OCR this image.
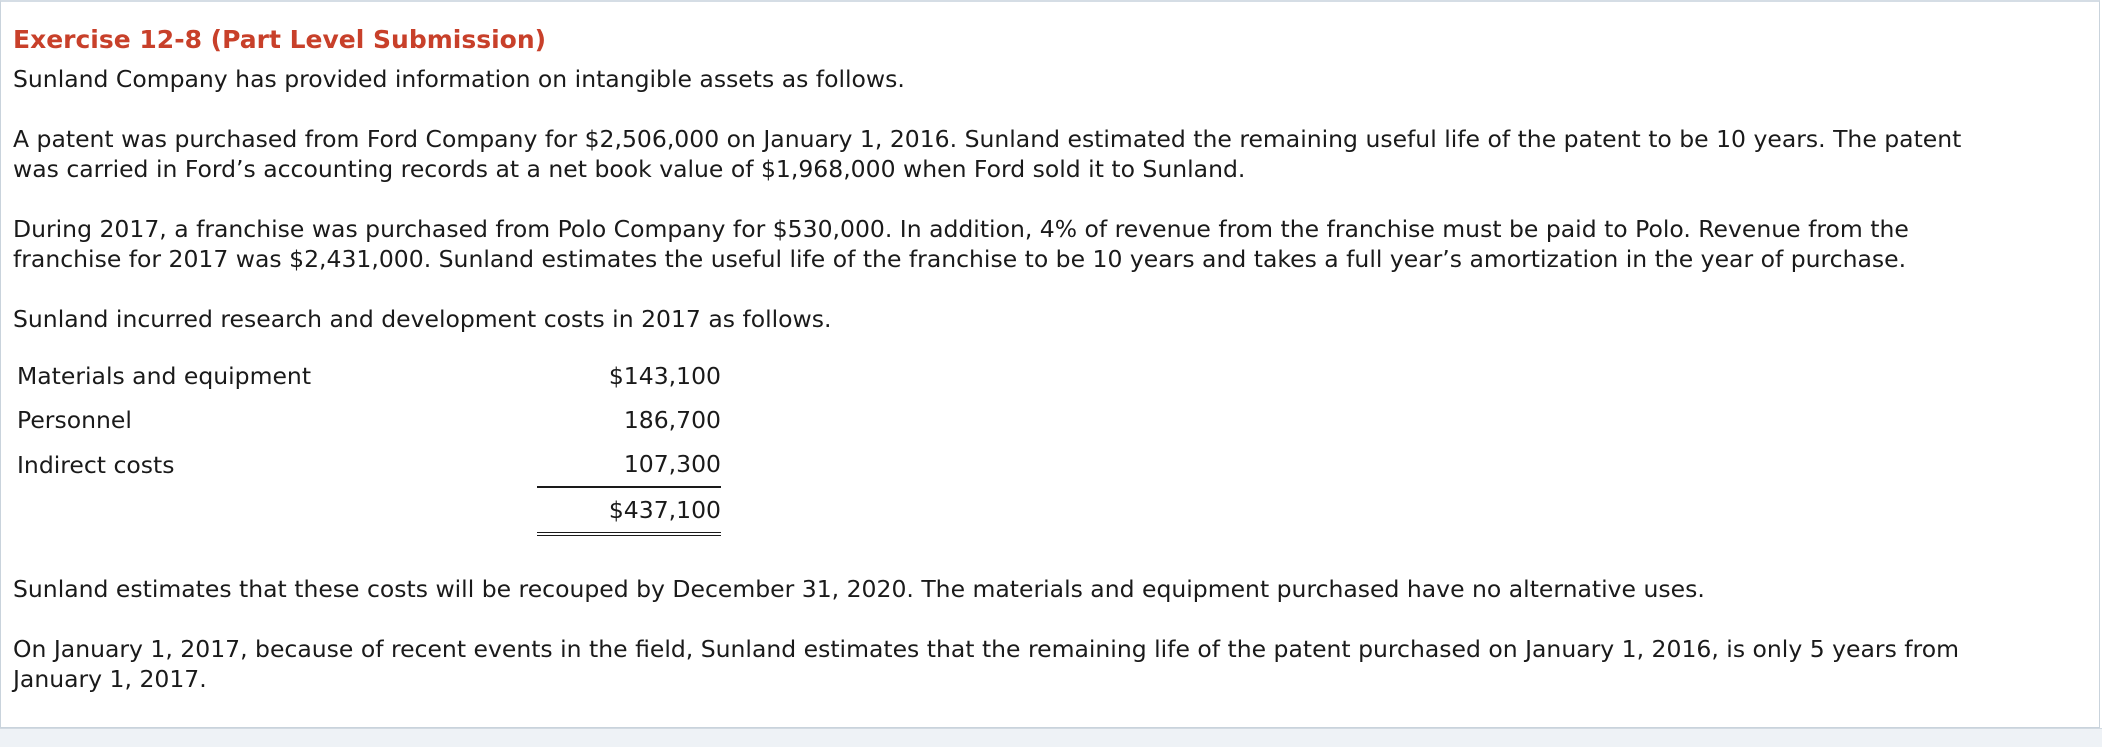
Exercise 12-8 (Part Level Submission)

Sunland Company has provided information on intangible assets as follows.

A patent was purchased from Ford Company for $2,506,000 on January 1, 2016. Sunland estimated the remaining useful life of the patent to be 10 years. The patent
was carried in Ford’s accounting records at a net book value of $1,968,000 when Ford sold it to Sunland.
During 2017, a franchise was purchased from Polo Company for $530,000. In addition, 4% of revenue from the franchise must be paid to Polo. Revenue from the
franchise for 2017 was $2,431,000. Sunland estimates the useful life of the franchise to be 10 years and takes a full year’s amortization in the year of purchase.

Sunland incurred research and development costs in 2017 as follows.

Materials and equipment	$143,100
Personnel	186,700
Indirect costs	107,300
	$437,100

Sunland estimates that these costs will be recouped by December 31, 2020. The materials and equipment purchased have no alternative uses.

On January 1, 2017, because of recent events in the field, Sunland estimates that the remaining life of the patent purchased on January 1, 2016, is only 5 years from
January 1, 2017.
